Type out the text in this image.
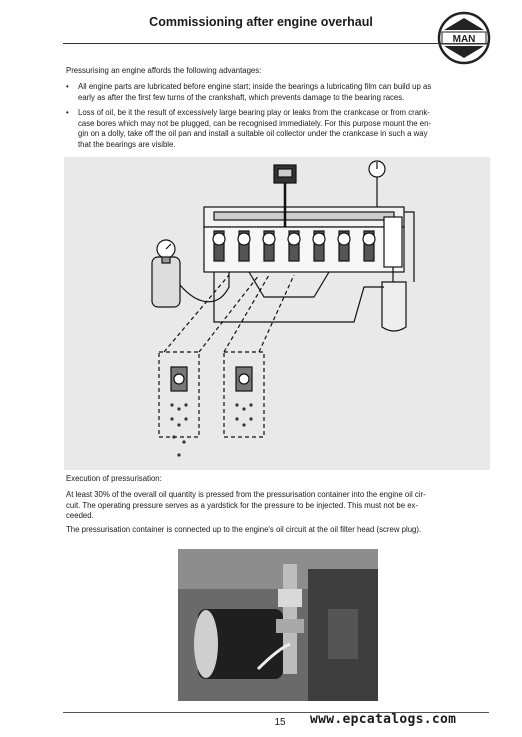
Commissioning after engine overhaul
MAN
Pressurising an engine affords the following advantages:
•	All engine parts are lubricated before engine start; inside the bearings a lubricating film can build up as
early as after the first few turns of the crankshaft, which prevents damage to the bearing races.
•	Loss of oil, be it the result of excessively large bearing play or leaks from the crankcase or from crank-
case bores which may not be plugged, can be recognised immediately. For this purpose mount the en-
gin on a dolly, take off the oil pan and install a suitable oil collector under the crankcase in such a way
that the bearings are visible.
Execution of pressurisation:
At least 30% of the overall oil quantity is pressed from the pressurisation container into the engine oil cir-
cuit. The operating pressure serves as a yardstick for the pressure to be injected. This must not be ex-
ceeded.
The pressurisation container is connected up to the engine's oil circuit at the oil filter head (screw plug).
15	www.epcatalogs.com
